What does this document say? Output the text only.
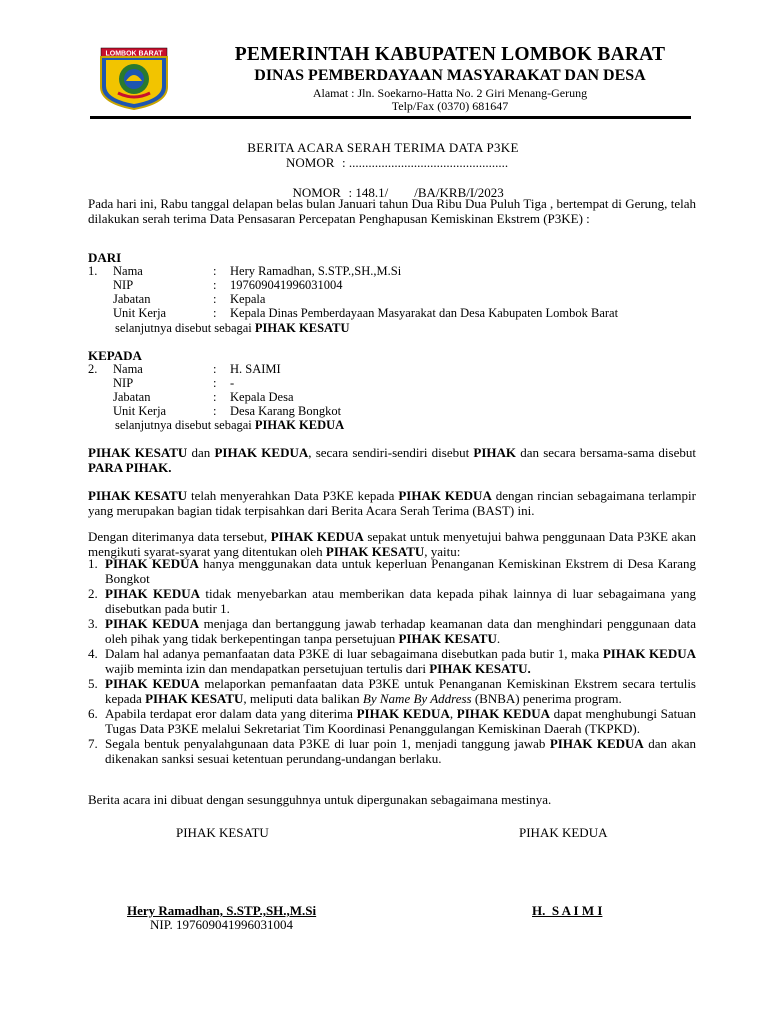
LOMBOK BARAT	PEMERINTAH KABUPATEN LOMBOK BARAT
DINAS PEMBERDAYAAN MASYARAKAT DAN DESA
Alamat : Jln. Soekarno-Hatta No. 2 Giri Menang-Gerung
Telp/Fax (0370) 681647
BERITA ACARA SERAH TERIMA DATA P3KE
NOMOR : .................................................

NOMOR : 148.1/        /BA/KRB/I/2023

Pada hari ini, Rabu tanggal delapan belas bulan Januari tahun Dua Ribu Dua Puluh Tiga , bertempat di Gerung, telah dilakukan serah terima Data Pensasaran Percepatan Penghapusan Kemiskinan Ekstrem (P3KE) :
DARI
1. Nama	: Hery Ramadhan, S.STP.,SH.,M.Si
NIP	: 197609041996031004
Jabatan	: Kepala
Unit Kerja	: Kepala Dinas Pemberdayaan Masyarakat dan Desa Kabupaten Lombok Barat
selanjutnya disebut sebagai PIHAK KESATU
KEPADA
2. Nama	: H. SAIMI
NIP	: -
Jabatan	: Kepala Desa
Unit Kerja	: Desa Karang Bongkot
selanjutnya disebut sebagai PIHAK KEDUA
PIHAK KESATU dan PIHAK KEDUA, secara sendiri-sendiri disebut PIHAK dan secara bersama-sama disebut PARA PIHAK.
PIHAK KESATU telah menyerahkan Data P3KE kepada PIHAK KEDUA dengan rincian sebagaimana terlampir yang merupakan bagian tidak terpisahkan dari Berita Acara Serah Terima (BAST) ini.
Dengan diterimanya data tersebut, PIHAK KEDUA sepakat untuk menyetujui bahwa penggunaan Data P3KE akan mengikuti syarat-syarat yang ditentukan oleh PIHAK KESATU, yaitu:
1. PIHAK KEDUA hanya menggunakan data untuk keperluan Penanganan Kemiskinan Ekstrem di Desa Karang Bongkot
2. PIHAK KEDUA tidak menyebarkan atau memberikan data kepada pihak lainnya di luar sebagaimana yang disebutkan pada butir 1.
3. PIHAK KEDUA menjaga dan bertanggung jawab terhadap keamanan data dan menghindari penggunaan data oleh pihak yang tidak berkepentingan tanpa persetujuan PIHAK KESATU.
4. Dalam hal adanya pemanfaatan data P3KE di luar sebagaimana disebutkan pada butir 1, maka PIHAK KEDUA wajib meminta izin dan mendapatkan persetujuan tertulis dari PIHAK KESATU.
5. PIHAK KEDUA melaporkan pemanfaatan data P3KE untuk Penanganan Kemiskinan Ekstrem secara tertulis kepada PIHAK KESATU, meliputi data balikan By Name By Address (BNBA) penerima program.
6. Apabila terdapat eror dalam data yang diterima PIHAK KEDUA, PIHAK KEDUA dapat menghubungi Satuan Tugas Data P3KE melalui Sekretariat Tim Koordinasi Penanggulangan Kemiskinan Daerah (TKPKD).
7. Segala bentuk penyalahgunaan data P3KE di luar poin 1, menjadi tanggung jawab PIHAK KEDUA dan akan dikenakan sanksi sesuai ketentuan perundang-undangan berlaku.
Berita acara ini dibuat dengan sesungguhnya untuk dipergunakan sebagaimana mestinya.
PIHAK KESATU	PIHAK KEDUA
Hery Ramadhan, S.STP.,SH.,M.Si
NIP. 197609041996031004
H.  S A I M I
